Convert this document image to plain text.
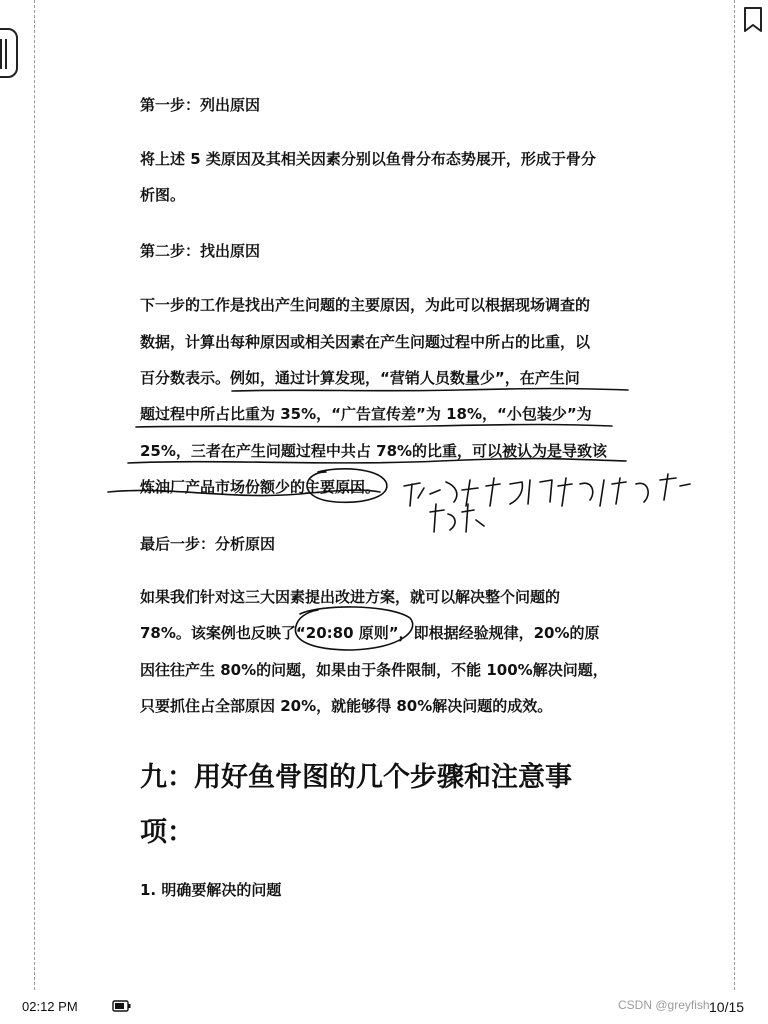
第一步：列出原因

将上述 5 类原因及其相关因素分别以鱼骨分布态势展开，形成于骨分

析图。

第二步：找出原因

下一步的工作是找出产生问题的主要原因，为此可以根据现场调查的

数据，计算出每种原因或相关因素在产生问题过程中所占的比重，以

百分数表示。例如，通过计算发现，“营销人员数量少”，在产生问

题过程中所占比重为 35%，“广告宣传差”为 18%，“小包装少”为

25%，三者在产生问题过程中共占 78%的比重，可以被认为是导致该

炼油厂产品市场份额少的主要原因。

最后一步：分析原因

如果我们针对这三大因素提出改进方案，就可以解决整个问题的

78%。该案例也反映了“20:80 原则”，即根据经验规律，20%的原

因往往产生 80%的问题，如果由于条件限制，不能 100%解决问题，

只要抓住占全部原因 20%，就能够得 80%解决问题的成效。

九：用好鱼骨图的几个步骤和注意事

项：

1. 明确要解决的问题

02:12 PM	CSDN @greyfish 10/15
